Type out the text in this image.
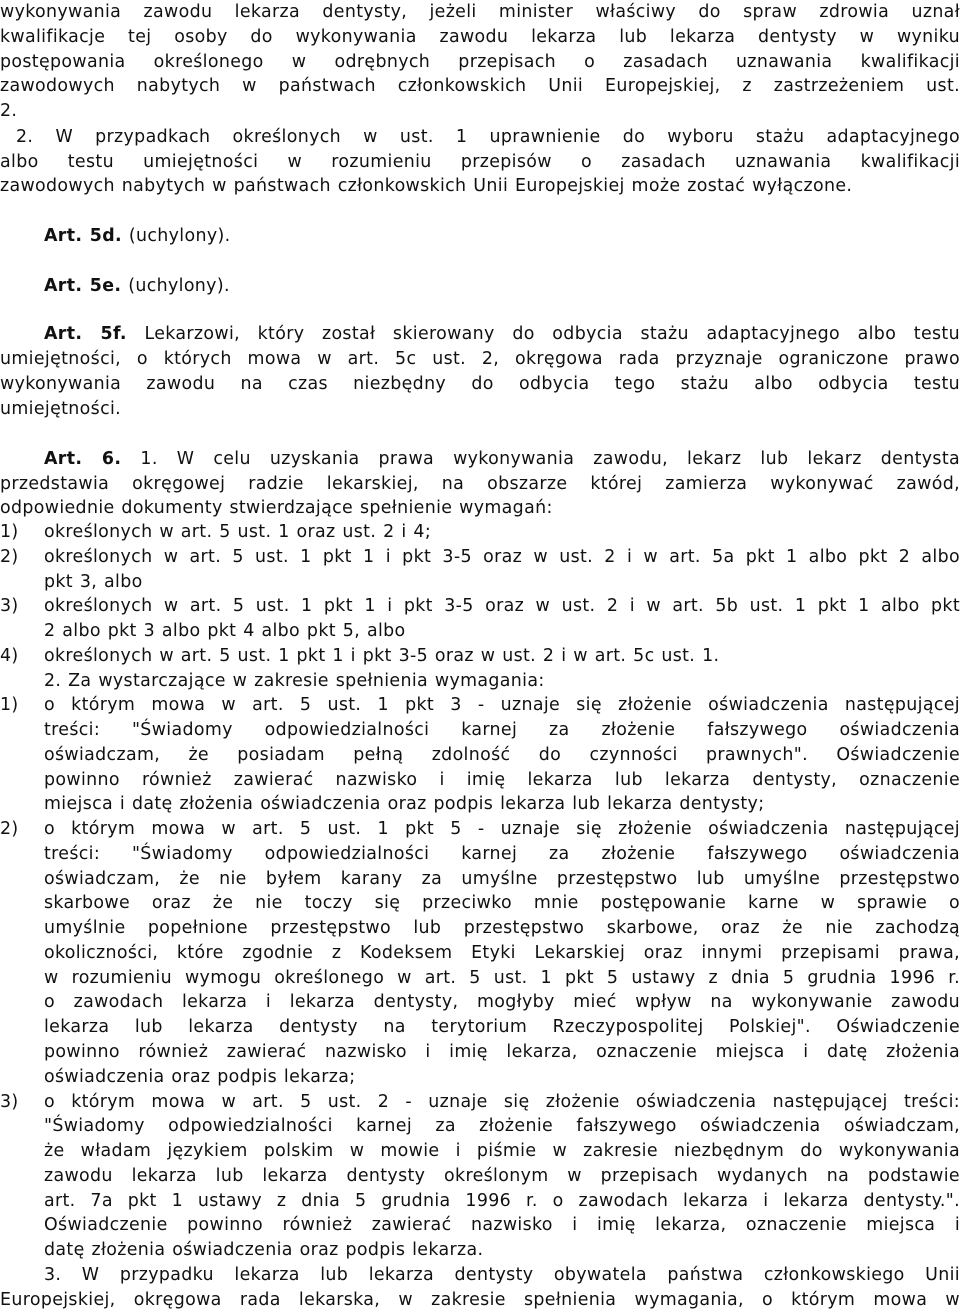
wykonywania zawodu lekarza dentysty, jeżeli minister właściwy do spraw zdrowia uznał
kwalifikacje tej osoby do wykonywania zawodu lekarza lub lekarza dentysty w wyniku
postępowania określonego w odrębnych przepisach o zasadach uznawania kwalifikacji
zawodowych nabytych w państwach członkowskich Unii Europejskiej, z zastrzeżeniem ust.
2.
2. W przypadkach określonych w ust. 1 uprawnienie do wyboru stażu adaptacyjnego
albo testu umiejętności w rozumieniu przepisów o zasadach uznawania kwalifikacji
zawodowych nabytych w państwach członkowskich Unii Europejskiej może zostać wyłączone.
Art. 5d. (uchylony).
Art. 5e. (uchylony).
Art. 5f. Lekarzowi, który został skierowany do odbycia stażu adaptacyjnego albo testu
umiejętności, o których mowa w art. 5c ust. 2, okręgowa rada przyznaje ograniczone prawo
wykonywania zawodu na czas niezbędny do odbycia tego stażu albo odbycia testu
umiejętności.
Art. 6. 1. W celu uzyskania prawa wykonywania zawodu, lekarz lub lekarz dentysta
przedstawia okręgowej radzie lekarskiej, na obszarze której zamierza wykonywać zawód,
odpowiednie dokumenty stwierdzające spełnienie wymagań:
1) określonych w art. 5 ust. 1 oraz ust. 2 i 4;
2) określonych w art. 5 ust. 1 pkt 1 i pkt 3-5 oraz w ust. 2 i w art. 5a pkt 1 albo pkt 2 albo
pkt 3, albo
3) określonych w art. 5 ust. 1 pkt 1 i pkt 3-5 oraz w ust. 2 i w art. 5b ust. 1 pkt 1 albo pkt
2 albo pkt 3 albo pkt 4 albo pkt 5, albo
4) określonych w art. 5 ust. 1 pkt 1 i pkt 3-5 oraz w ust. 2 i w art. 5c ust. 1.
2. Za wystarczające w zakresie spełnienia wymagania:
1) o którym mowa w art. 5 ust. 1 pkt 3 - uznaje się złożenie oświadczenia następującej
treści: "Świadomy odpowiedzialności karnej za złożenie fałszywego oświadczenia
oświadczam, że posiadam pełną zdolność do czynności prawnych". Oświadczenie
powinno również zawierać nazwisko i imię lekarza lub lekarza dentysty, oznaczenie
miejsca i datę złożenia oświadczenia oraz podpis lekarza lub lekarza dentysty;
2) o którym mowa w art. 5 ust. 1 pkt 5 - uznaje się złożenie oświadczenia następującej
treści: "Świadomy odpowiedzialności karnej za złożenie fałszywego oświadczenia
oświadczam, że nie byłem karany za umyślne przestępstwo lub umyślne przestępstwo
skarbowe oraz że nie toczy się przeciwko mnie postępowanie karne w sprawie o
umyślnie popełnione przestępstwo lub przestępstwo skarbowe, oraz że nie zachodzą
okoliczności, które zgodnie z Kodeksem Etyki Lekarskiej oraz innymi przepisami prawa,
w rozumieniu wymogu określonego w art. 5 ust. 1 pkt 5 ustawy z dnia 5 grudnia 1996 r.
o zawodach lekarza i lekarza dentysty, mogłyby mieć wpływ na wykonywanie zawodu
lekarza lub lekarza dentysty na terytorium Rzeczypospolitej Polskiej". Oświadczenie
powinno również zawierać nazwisko i imię lekarza, oznaczenie miejsca i datę złożenia
oświadczenia oraz podpis lekarza;
3) o którym mowa w art. 5 ust. 2 - uznaje się złożenie oświadczenia następującej treści:
"Świadomy odpowiedzialności karnej za złożenie fałszywego oświadczenia oświadczam,
że władam językiem polskim w mowie i piśmie w zakresie niezbędnym do wykonywania
zawodu lekarza lub lekarza dentysty określonym w przepisach wydanych na podstawie
art. 7a pkt 1 ustawy z dnia 5 grudnia 1996 r. o zawodach lekarza i lekarza dentysty.".
Oświadczenie powinno również zawierać nazwisko i imię lekarza, oznaczenie miejsca i
datę złożenia oświadczenia oraz podpis lekarza.
3. W przypadku lekarza lub lekarza dentysty obywatela państwa członkowskiego Unii
Europejskiej, okręgowa rada lekarska, w zakresie spełnienia wymagania, o którym mowa w
